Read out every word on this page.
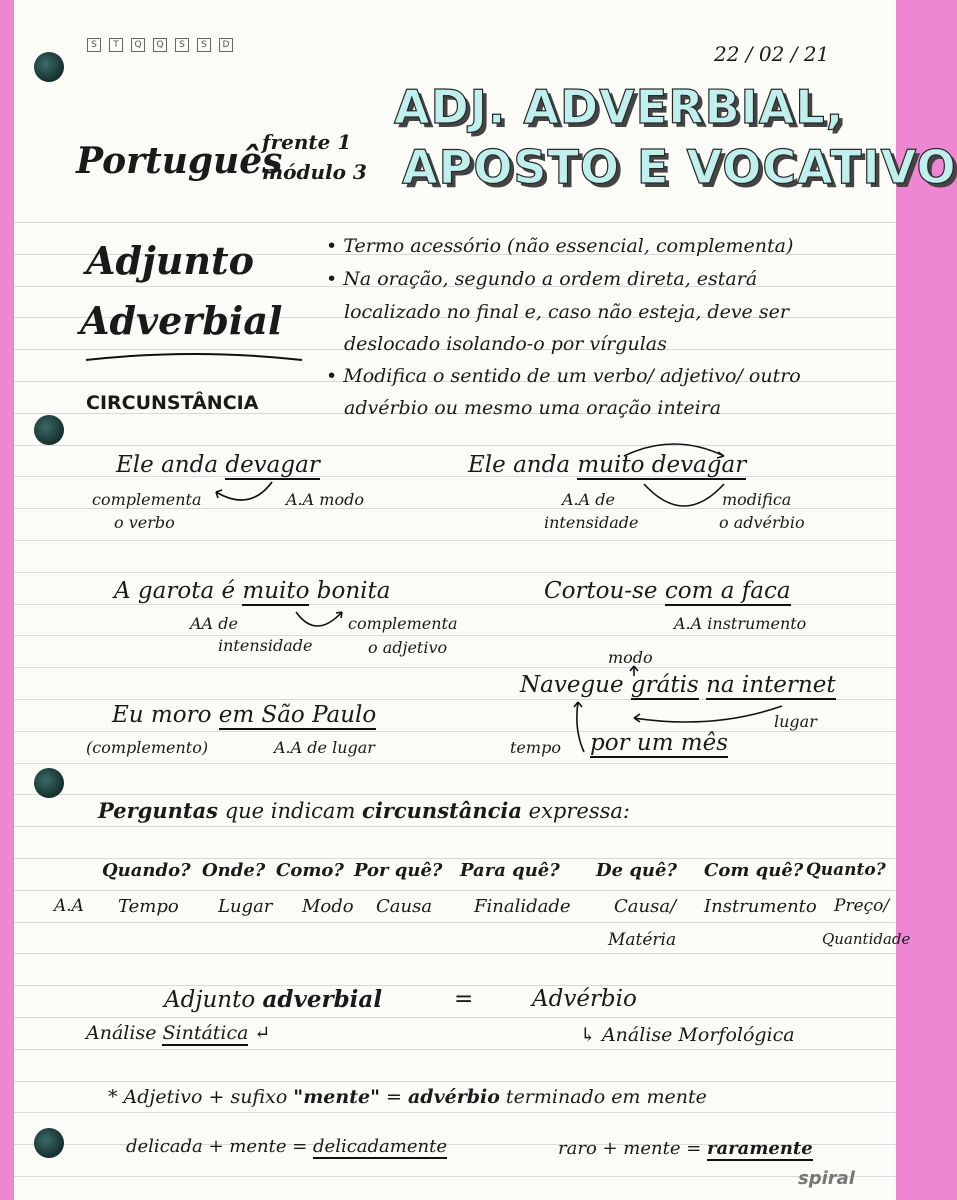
S	T	Q	Q	S	S	D	22 / 02 / 21
Português
frente 1
módulo 3
ADJ. ADVERBIAL,
APOSTO E VOCATIVO
Adjunto
Adverbial
CIRCUNSTÂNCIA
• Termo acessório (não essencial, complementa)
• Na oração, segundo a ordem direta, estará
localizado no final e, caso não esteja, deve ser
deslocado isolando-o por vírgulas
• Modifica o sentido de um verbo/ adjetivo/ outro
advérbio ou mesmo uma oração inteira
Ele anda devagar
complementa
o verbo
A.A modo
Ele anda muito devagar
A.A de
intensidade
modifica
o advérbio
A garota é muito bonita
AA de
intensidade
complementa
o adjetivo
Cortou-se com a faca
A.A instrumento
modo
Navegue grátis na internet
lugar
tempo por um mês
Eu moro em São Paulo
(complemento)	A.A de lugar
Perguntas que indicam circunstância expressa:
Quando? Onde? Como? Por quê? Para quê? De quê? Com quê? Quanto?
A.A Tempo Lugar Modo Causa Finalidade Causa/ Instrumento Preço/
Matéria	Quantidade
Adjunto adverbial	=	Advérbio
Análise Sintática ↵	↳ Análise Morfológica
* Adjetivo + sufixo "mente" = advérbio terminado em mente
delicada + mente = delicadamente	raro + mente = raramente
spiral
